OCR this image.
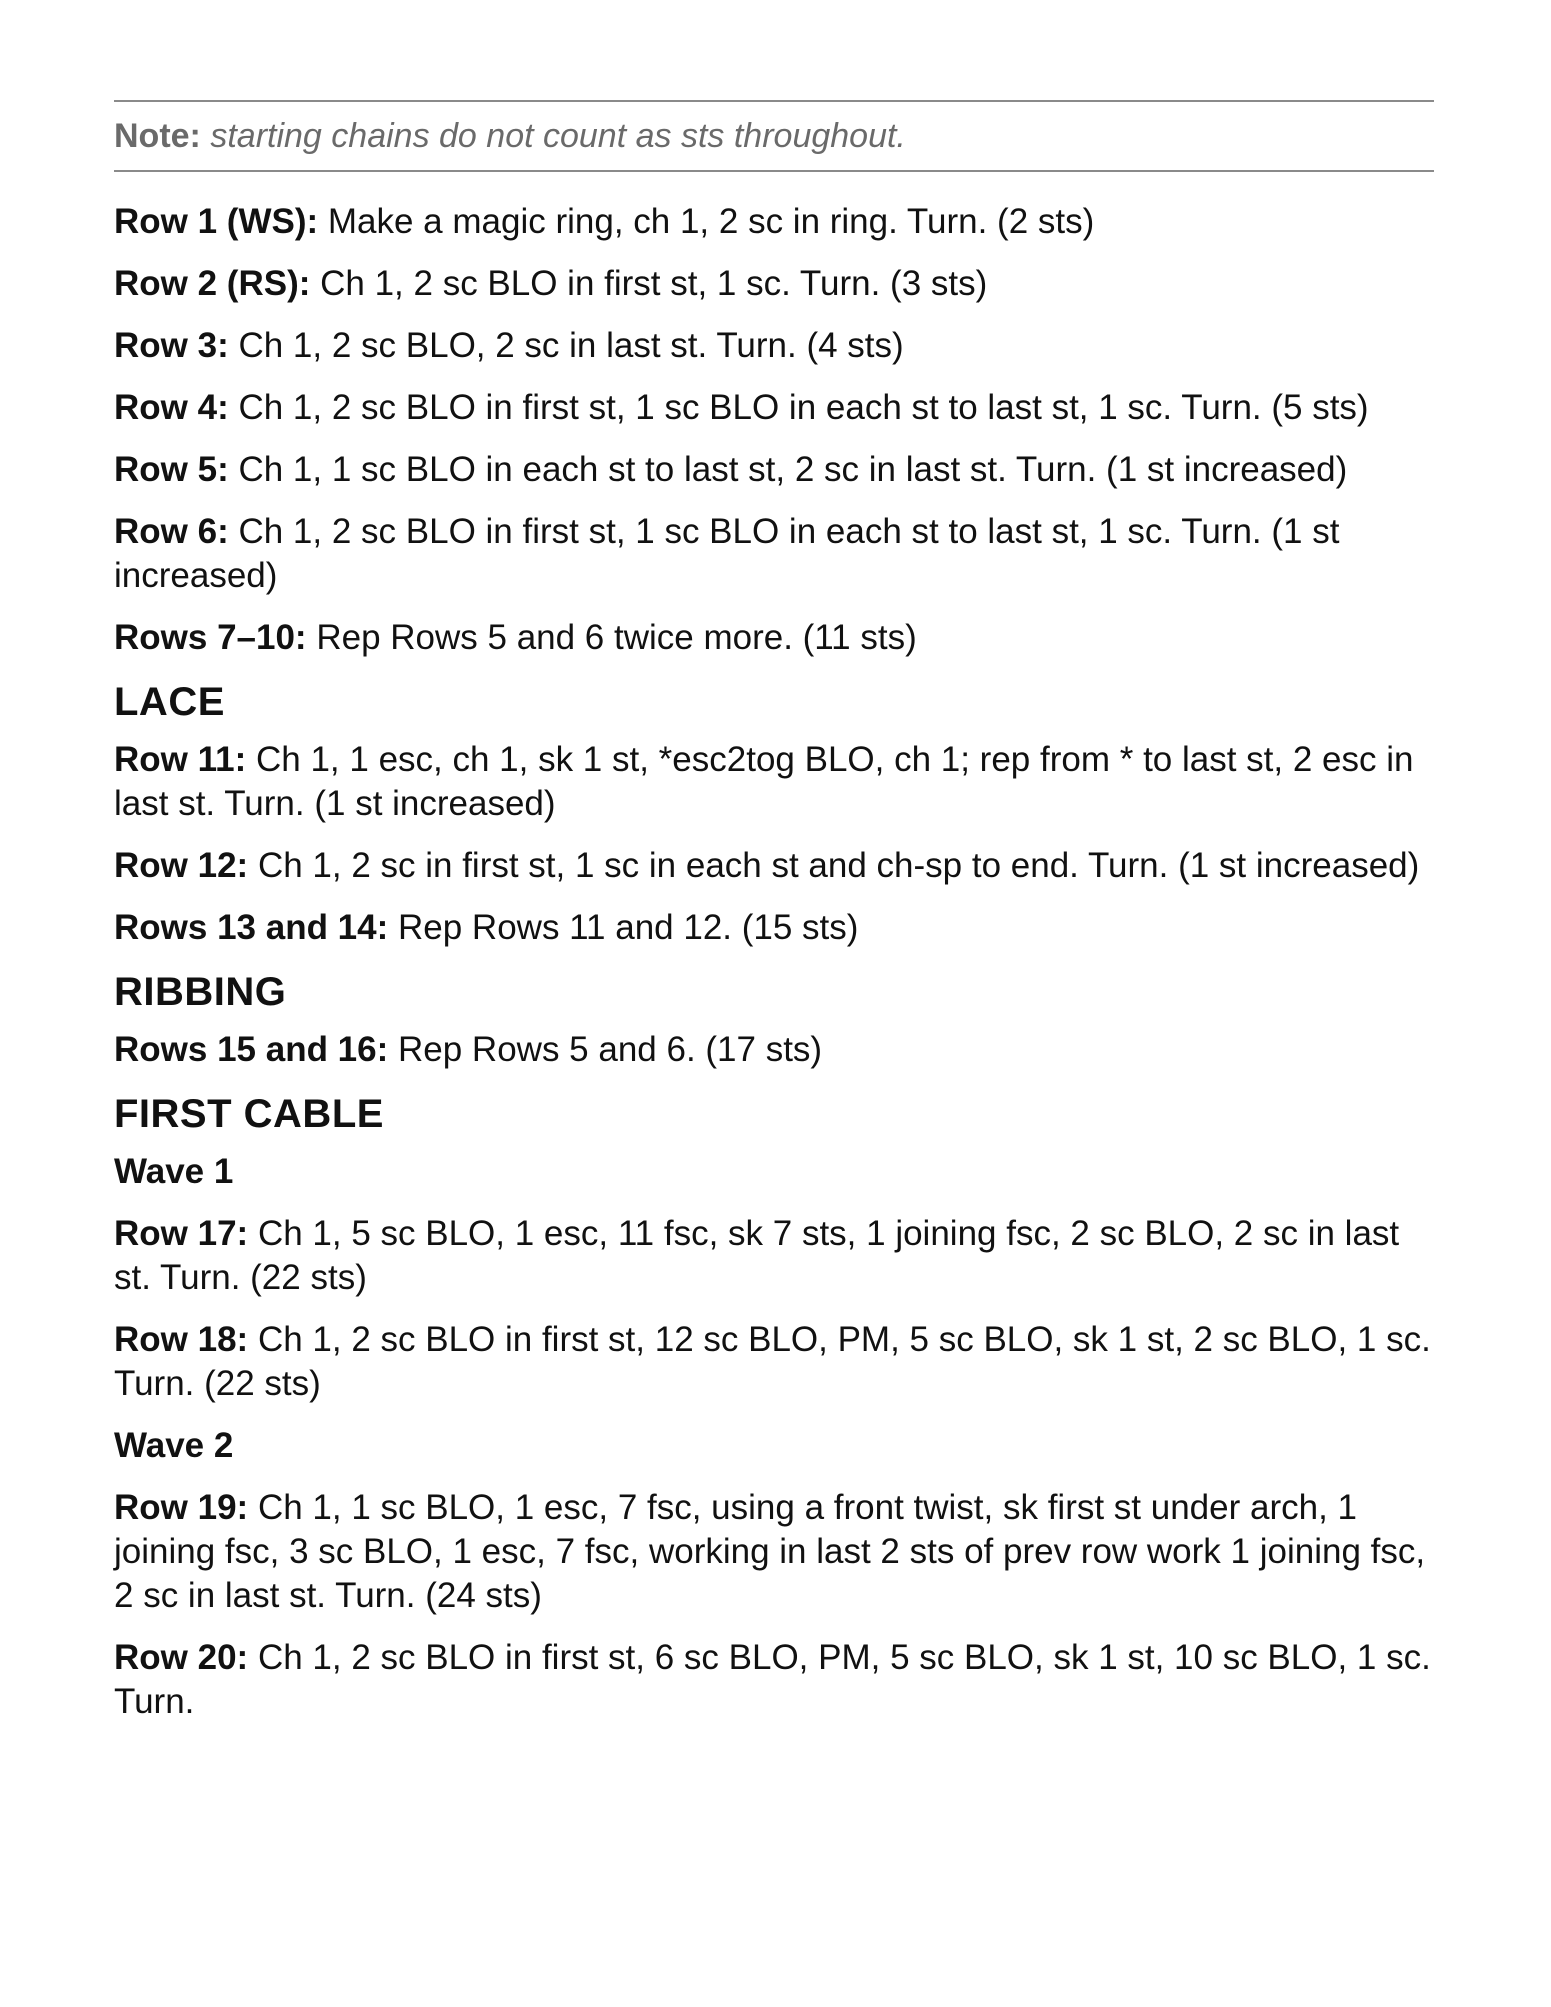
Note: starting chains do not count as sts throughout.
Row 1 (WS): Make a magic ring, ch 1, 2 sc in ring. Turn. (2 sts)
Row 2 (RS): Ch 1, 2 sc BLO in first st, 1 sc. Turn. (3 sts)
Row 3: Ch 1, 2 sc BLO, 2 sc in last st. Turn. (4 sts)
Row 4: Ch 1, 2 sc BLO in first st, 1 sc BLO in each st to last st, 1 sc. Turn. (5 sts)
Row 5: Ch 1, 1 sc BLO in each st to last st, 2 sc in last st. Turn. (1 st increased)
Row 6: Ch 1, 2 sc BLO in first st, 1 sc BLO in each st to last st, 1 sc. Turn. (1 st increased)
Rows 7–10: Rep Rows 5 and 6 twice more. (11 sts)
LACE
Row 11: Ch 1, 1 esc, ch 1, sk 1 st, *esc2tog BLO, ch 1; rep from * to last st, 2 esc in last st. Turn. (1 st increased)
Row 12: Ch 1, 2 sc in first st, 1 sc in each st and ch-sp to end. Turn. (1 st increased)
Rows 13 and 14: Rep Rows 11 and 12. (15 sts)
RIBBING
Rows 15 and 16: Rep Rows 5 and 6. (17 sts)
FIRST CABLE
Wave 1
Row 17: Ch 1, 5 sc BLO, 1 esc, 11 fsc, sk 7 sts, 1 joining fsc, 2 sc BLO, 2 sc in last st. Turn. (22 sts)
Row 18: Ch 1, 2 sc BLO in first st, 12 sc BLO, PM, 5 sc BLO, sk 1 st, 2 sc BLO, 1 sc. Turn. (22 sts)
Wave 2
Row 19: Ch 1, 1 sc BLO, 1 esc, 7 fsc, using a front twist, sk first st under arch, 1 joining fsc, 3 sc BLO, 1 esc, 7 fsc, working in last 2 sts of prev row work 1 joining fsc, 2 sc in last st. Turn. (24 sts)
Row 20: Ch 1, 2 sc BLO in first st, 6 sc BLO, PM, 5 sc BLO, sk 1 st, 10 sc BLO, 1 sc. Turn.
